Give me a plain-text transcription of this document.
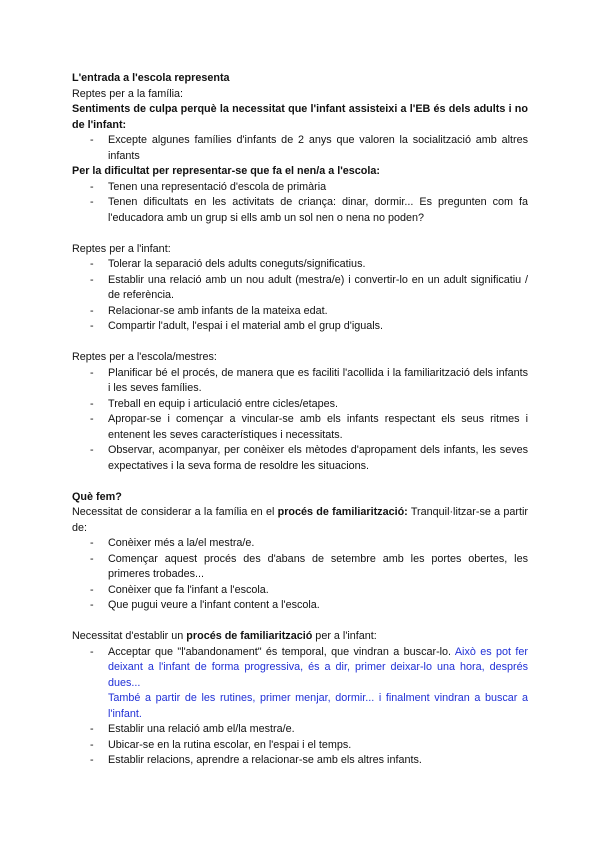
L'entrada a l'escola representa

Reptes per a la família:

Sentiments de culpa perquè la necessitat que l'infant assisteixi a l'EB és dels adults i no de l'infant:

- Excepte algunes famílies d'infants de 2 anys que valoren la socialització amb altres infants

Per la dificultat per representar-se que fa el nen/a a l'escola:

- Tenen una representació d'escola de primària
- Tenen dificultats en les activitats de criança: dinar, dormir... Es pregunten com fa l'educadora amb un grup si ells amb un sol nen o nena no poden?

Reptes per a l'infant:

- Tolerar la separació dels adults coneguts/significatius.
- Establir una relació amb un nou adult (mestra/e) i convertir-lo en un adult significatiu / de referència.
- Relacionar-se amb infants de la mateixa edat.
- Compartir l'adult, l'espai i el material amb el grup d'iguals.

Reptes per a l'escola/mestres:

- Planificar bé el procés, de manera que es faciliti l'acollida i la familiarització dels infants i les seves famílies.
- Treball en equip i articulació entre cicles/etapes.
- Apropar-se i començar a vincular-se amb els infants respectant els seus ritmes i entenent les seves característiques i necessitats.
- Observar, acompanyar, per conèixer els mètodes d'apropament dels infants, les seves expectatives i la seva forma de resoldre les situacions.

Què fem?

Necessitat de considerar a la família en el procés de familiarització: Tranquil·litzar-se a partir de:

- Conèixer més a la/el mestra/e.
- Començar aquest procés des d'abans de setembre amb les portes obertes, les primeres trobades...
- Conèixer que fa l'infant a l'escola.
- Que pugui veure a l'infant content a l'escola.

Necessitat d'establir un procés de familiarització per a l'infant:

- Acceptar que "l'abandonament" és temporal, que vindran a buscar-lo. Això es pot fer deixant a l'infant de forma progressiva, és a dir, primer deixar-lo una hora, després dues...
També a partir de les rutines, primer menjar, dormir... i finalment vindran a buscar a l'infant.
- Establir una relació amb el/la mestra/e.
- Ubicar-se en la rutina escolar, en l'espai i el temps.
- Establir relacions, aprendre a relacionar-se amb els altres infants.
